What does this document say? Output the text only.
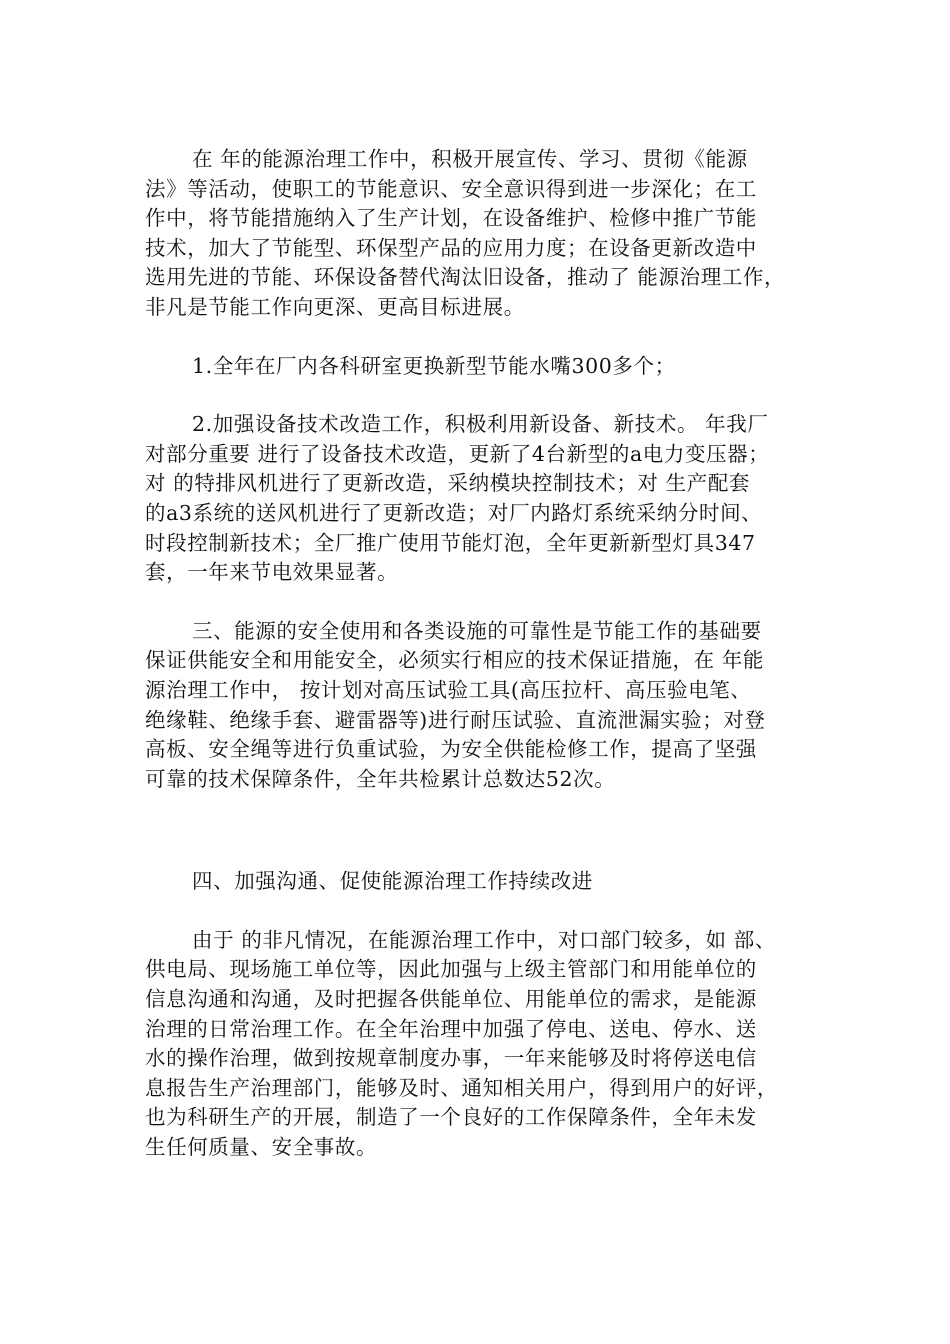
在 年的能源治理工作中，积极开展宣传、学习、贯彻《能源
法》等活动，使职工的节能意识、安全意识得到进一步深化；在工
作中，将节能措施纳入了生产计划，在设备维护、检修中推广节能
技术，加大了节能型、环保型产品的应用力度；在设备更新改造中
选用先进的节能、环保设备替代淘汰旧设备，推动了 能源治理工作，
非凡是节能工作向更深、更高目标进展。
1.全年在厂内各科研室更换新型节能水嘴300多个；
2.加强设备技术改造工作，积极利用新设备、新技术。 年我厂
对部分重要 进行了设备技术改造，更新了4台新型的a电力变压器；
对 的特排风机进行了更新改造，采纳模块控制技术；对 生产配套
的a3系统的送风机进行了更新改造；对厂内路灯系统采纳分时间、
时段控制新技术；全厂推广使用节能灯泡，全年更新新型灯具347
套，一年来节电效果显著。
三、能源的安全使用和各类设施的可靠性是节能工作的基础要
保证供能安全和用能安全，必须实行相应的技术保证措施，在 年能
源治理工作中， 按计划对高压试验工具(高压拉杆、高压验电笔、
绝缘鞋、绝缘手套、避雷器等)进行耐压试验、直流泄漏实验；对登
高板、安全绳等进行负重试验，为安全供能检修工作，提高了坚强
可靠的技术保障条件，全年共检累计总数达52次。
四、加强沟通、促使能源治理工作持续改进
由于 的非凡情况，在能源治理工作中，对口部门较多，如 部、
供电局、现场施工单位等，因此加强与上级主管部门和用能单位的
信息沟通和沟通，及时把握各供能单位、用能单位的需求，是能源
治理的日常治理工作。在全年治理中加强了停电、送电、停水、送
水的操作治理，做到按规章制度办事，一年来能够及时将停送电信
息报告生产治理部门，能够及时、通知相关用户，得到用户的好评，
也为科研生产的开展，制造了一个良好的工作保障条件，全年未发
生任何质量、安全事故。
